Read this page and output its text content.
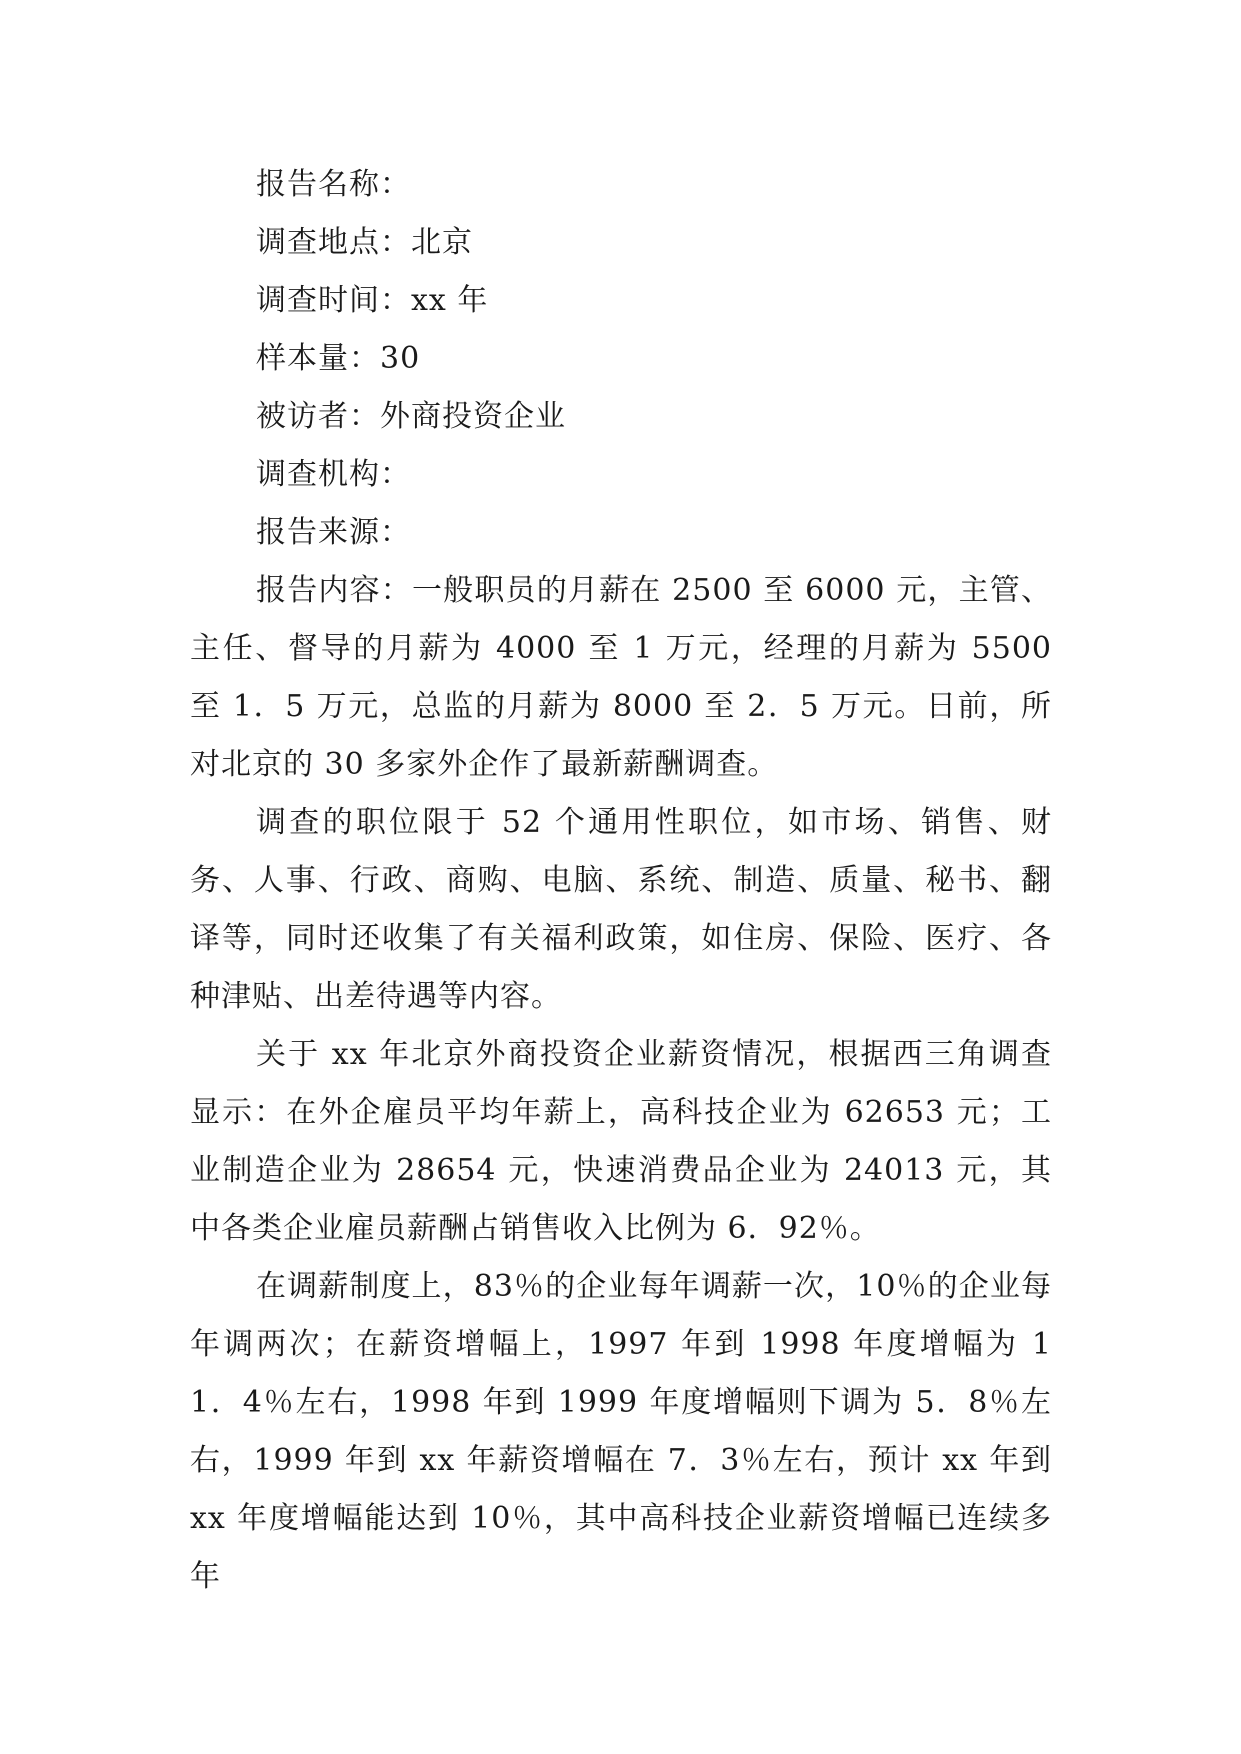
报告名称：

调查地点：北京

调查时间：xx 年

样本量：30

被访者：外商投资企业

调查机构：

报告来源：

报告内容：一般职员的月薪在 2500 至 6000 元，主管、主任、督导的月薪为 4000 至 1 万元，经理的月薪为 5500 至 1．5 万元，总监的月薪为 8000 至 2．5 万元。日前，所对北京的 30 多家外企作了最新薪酬调查。

调查的职位限于 52 个通用性职位，如市场、销售、财务、人事、行政、商购、电脑、系统、制造、质量、秘书、翻译等，同时还收集了有关福利政策，如住房、保险、医疗、各种津贴、出差待遇等内容。

关于 xx 年北京外商投资企业薪资情况，根据西三角调查显示：在外企雇员平均年薪上，高科技企业为 62653 元；工业制造企业为 28654 元，快速消费品企业为 24013 元，其中各类企业雇员薪酬占销售收入比例为 6．92％。

在调薪制度上，83％的企业每年调薪一次，10％的企业每年调两次；在薪资增幅上，1997 年到 1998 年度增幅为 11．4％左右，1998 年到 1999 年度增幅则下调为 5．8％左右，1999 年到 xx 年薪资增幅在 7．3％左右，预计 xx 年到 xx 年度增幅能达到 10％，其中高科技企业薪资增幅已连续多年
